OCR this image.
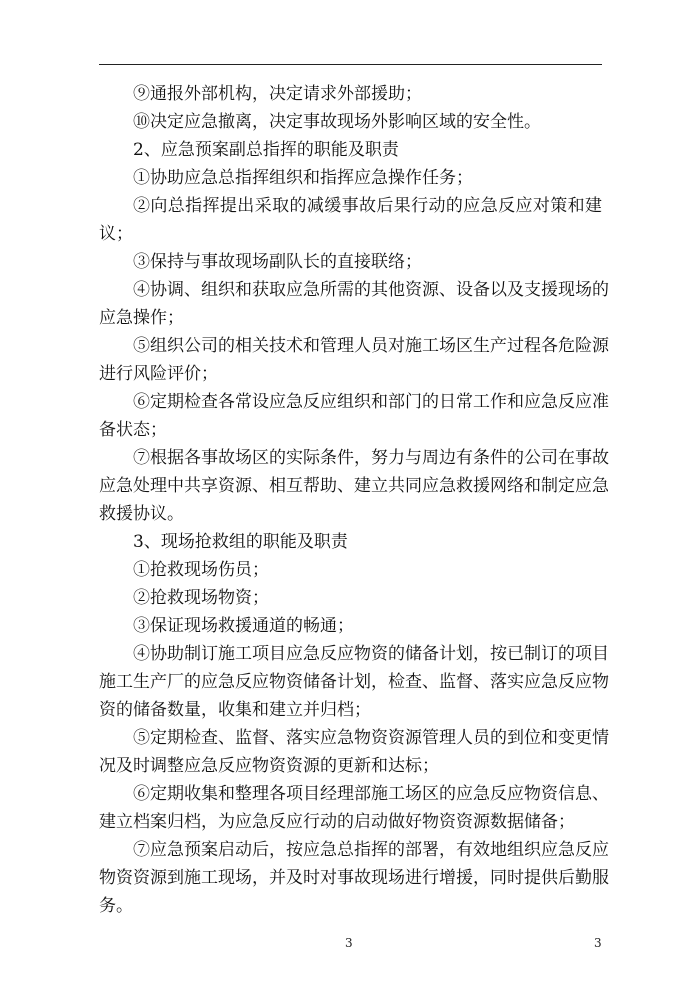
⑨通报外部机构，决定请求外部援助；
⑩决定应急撤离，决定事故现场外影响区域的安全性。
2、应急预案副总指挥的职能及职责
①协助应急总指挥组织和指挥应急操作任务；
②向总指挥提出采取的减缓事故后果行动的应急反应对策和建
议；
③保持与事故现场副队长的直接联络；
④协调、组织和获取应急所需的其他资源、设备以及支援现场的
应急操作；
⑤组织公司的相关技术和管理人员对施工场区生产过程各危险源
进行风险评价；
⑥定期检查各常设应急反应组织和部门的日常工作和应急反应准
备状态；
⑦根据各事故场区的实际条件，努力与周边有条件的公司在事故
应急处理中共享资源、相互帮助、建立共同应急救援网络和制定应急
救援协议。
3、现场抢救组的职能及职责
①抢救现场伤员；
②抢救现场物资；
③保证现场救援通道的畅通；
④协助制订施工项目应急反应物资的储备计划，按已制订的项目
施工生产厂的应急反应物资储备计划，检查、监督、落实应急反应物
资的储备数量，收集和建立并归档；
⑤定期检查、监督、落实应急物资资源管理人员的到位和变更情
况及时调整应急反应物资资源的更新和达标；
⑥定期收集和整理各项目经理部施工场区的应急反应物资信息、
建立档案归档，为应急反应行动的启动做好物资资源数据储备；
⑦应急预案启动后，按应急总指挥的部署，有效地组织应急反应
物资资源到施工现场，并及时对事故现场进行增援，同时提供后勤服
务。
3	3
